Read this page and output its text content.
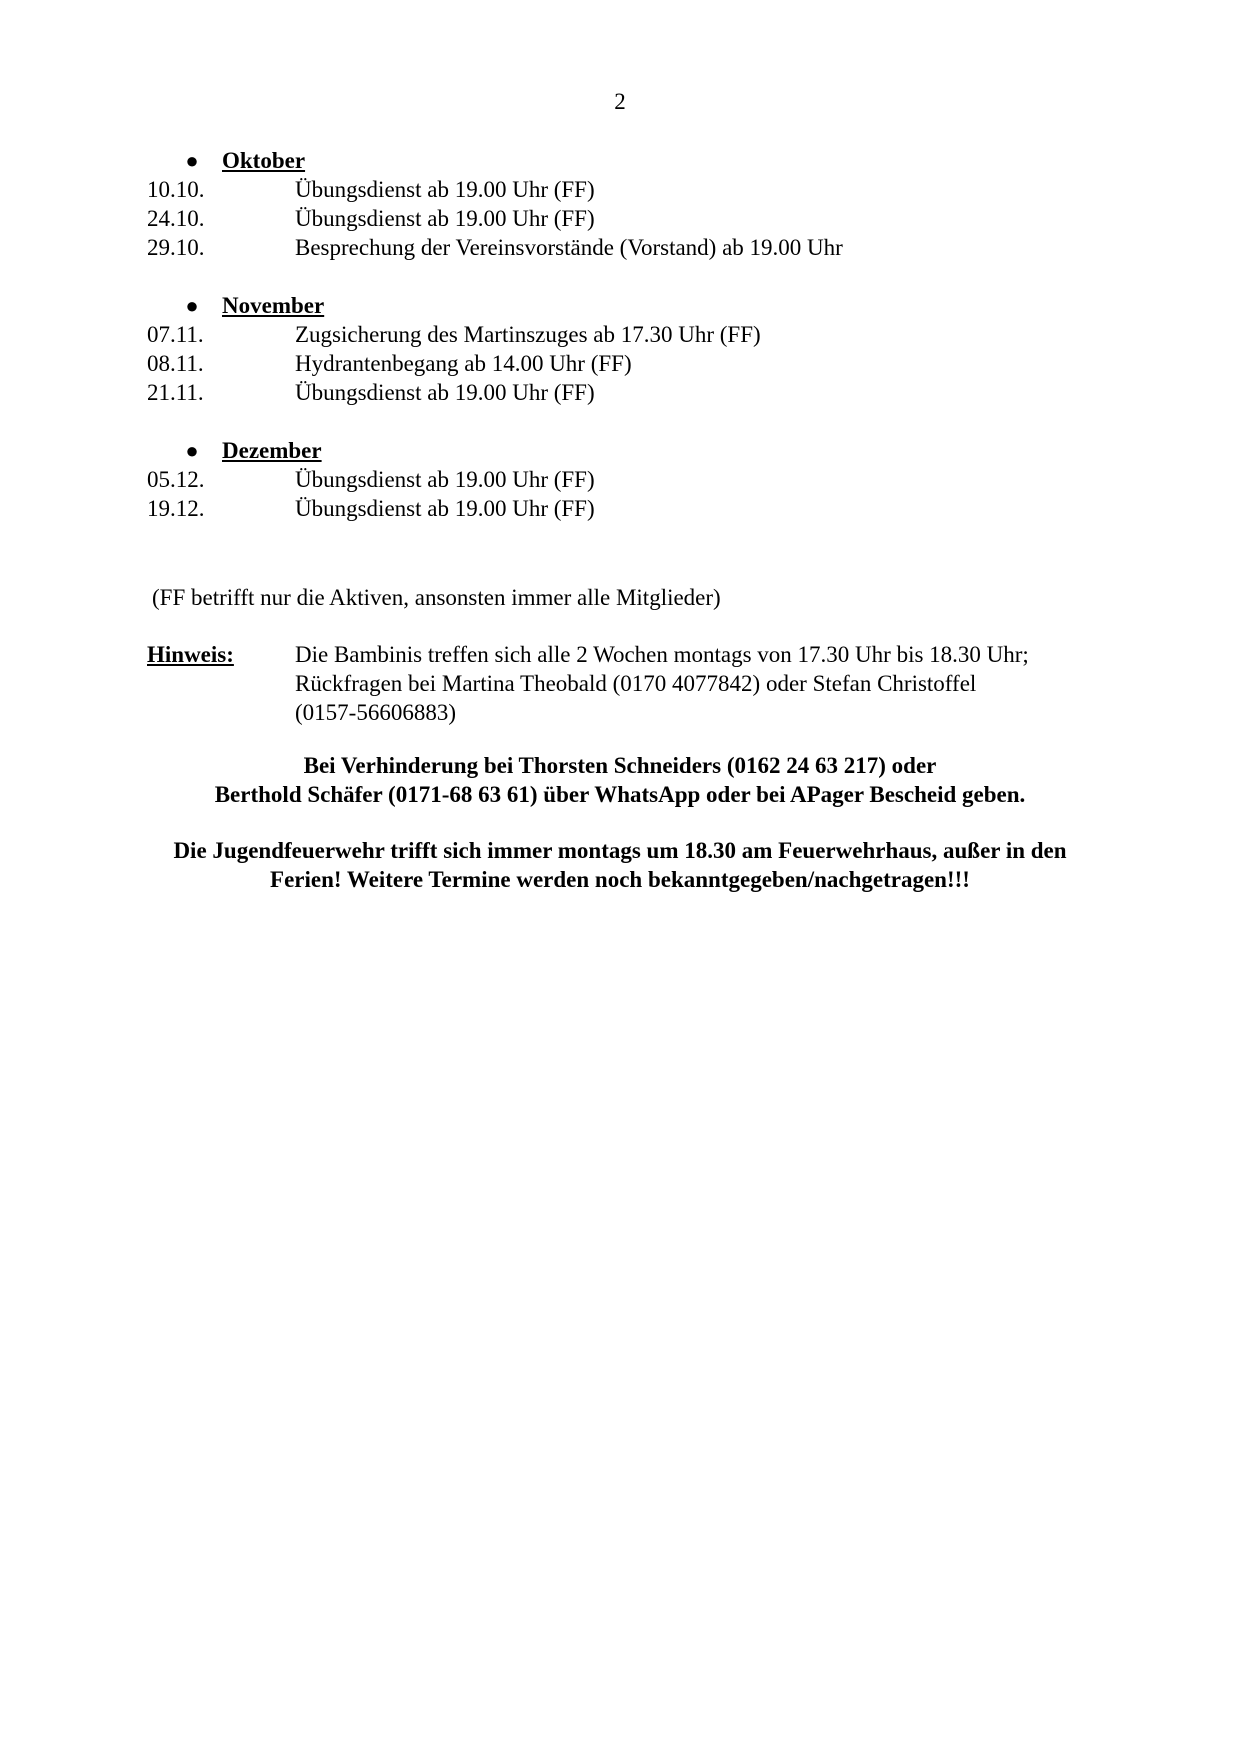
2
● Oktober
10.10.	Übungsdienst ab 19.00 Uhr (FF)
24.10.	Übungsdienst ab 19.00 Uhr (FF)
29.10.	Besprechung der Vereinsvorstände (Vorstand) ab 19.00 Uhr
● November
07.11.	Zugsicherung des Martinszuges ab 17.30 Uhr (FF)
08.11.	Hydrantenbegang ab 14.00 Uhr (FF)
21.11.	Übungsdienst ab 19.00 Uhr (FF)
● Dezember
05.12.	Übungsdienst ab 19.00 Uhr (FF)
19.12.	Übungsdienst ab 19.00 Uhr (FF)
(FF betrifft nur die Aktiven, ansonsten immer alle Mitglieder)
Hinweis:	Die Bambinis treffen sich alle 2 Wochen montags von 17.30 Uhr bis 18.30 Uhr;
Rückfragen bei Martina Theobald (0170 4077842) oder Stefan Christoffel
(0157-56606883)
Bei Verhinderung bei Thorsten Schneiders (0162 24 63 217) oder
Berthold Schäfer (0171-68 63 61) über WhatsApp oder bei APager Bescheid geben.
Die Jugendfeuerwehr trifft sich immer montags um 18.30 am Feuerwehrhaus, außer in den
Ferien! Weitere Termine werden noch bekanntgegeben/nachgetragen!!!
